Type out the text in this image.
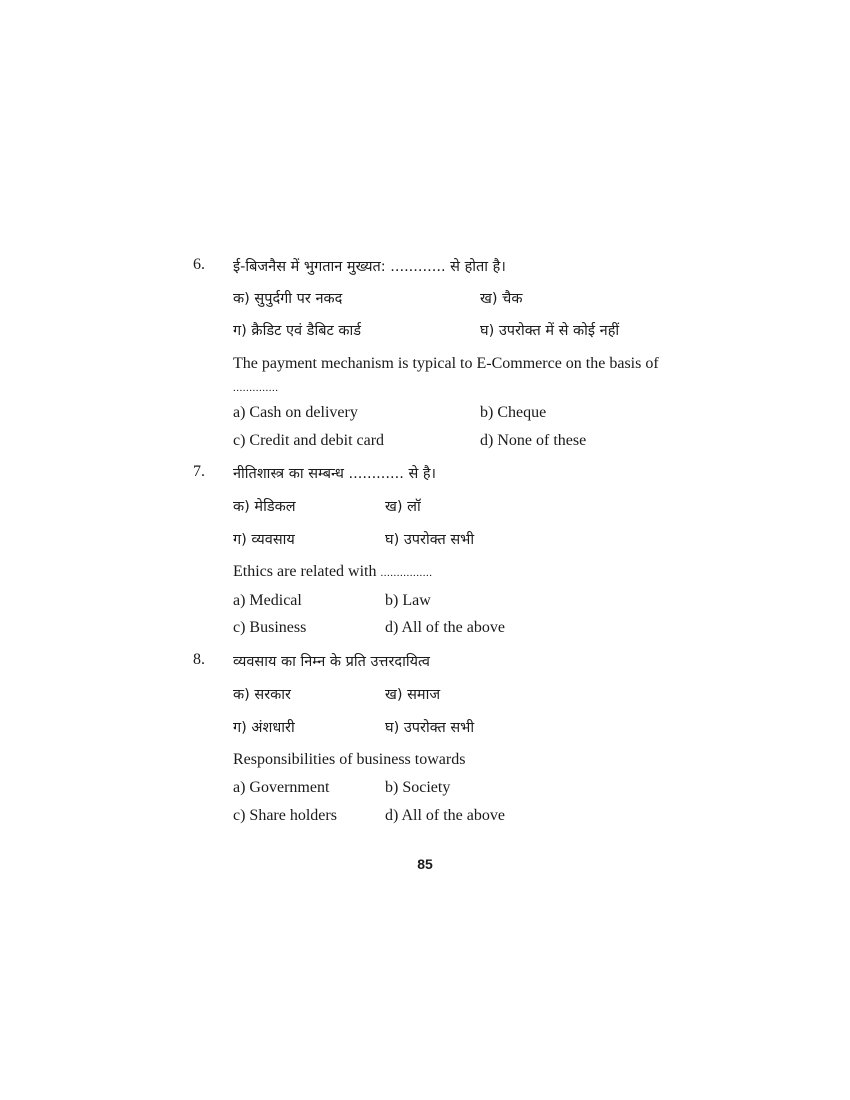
6. ई-बिजनैस में भुगतान मुख्यत: ............ से होता है।
क) सुपुर्दगी पर नकद	ख) चैक
ग) क्रैडिट एवं डैबिट कार्ड	घ) उपरोक्त में से कोई नहीं
The payment mechanism is typical to E-Commerce on the basis of ..............
a) Cash on delivery	b) Cheque
c) Credit and debit card	d) None of these
7. नीतिशास्त्र का सम्बन्ध ............ से है।
क) मेडिकल	ख) लॉ
ग) व्यवसाय	घ) उपरोक्त सभी
Ethics are related with ................
a) Medical	b) Law
c) Business	d) All of the above
8. व्यवसाय का निम्न के प्रति उत्तरदायित्व
क) सरकार	ख) समाज
ग) अंशधारी	घ) उपरोक्त सभी
Responsibilities of business towards
a) Government	b) Society
c) Share holders	d) All of the above
85
